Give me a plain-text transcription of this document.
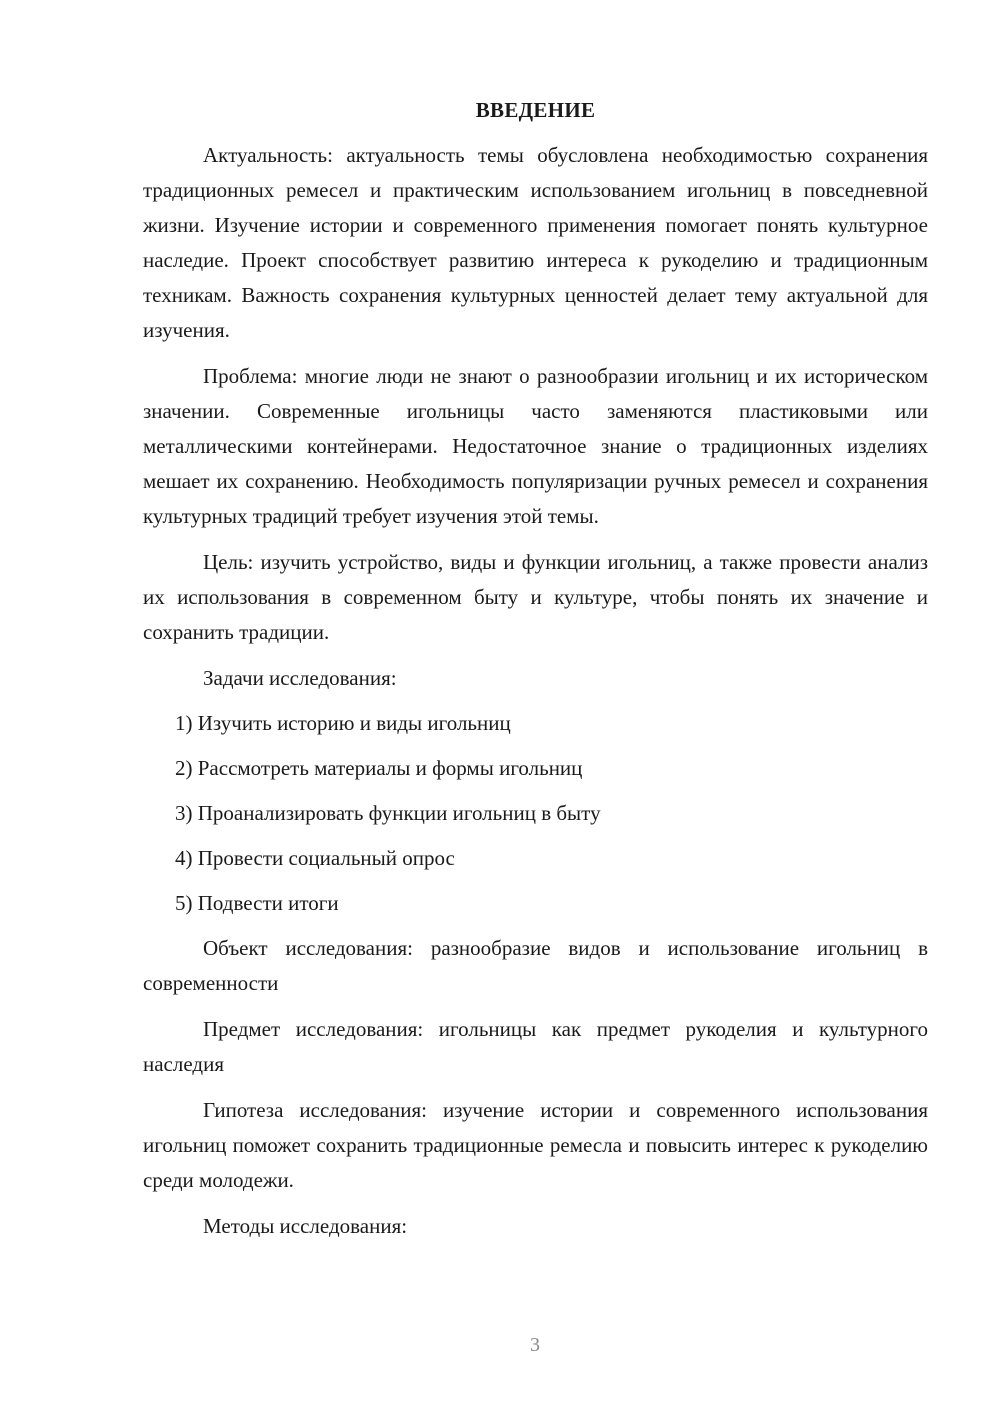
ВВЕДЕНИЕ

Актуальность: актуальность темы обусловлена необходимостью сохранения традиционных ремесел и практическим использованием игольниц в повседневной жизни. Изучение истории и современного применения помогает понять культурное наследие. Проект способствует развитию интереса к рукоделию и традиционным техникам. Важность сохранения культурных ценностей делает тему актуальной для изучения.

Проблема: многие люди не знают о разнообразии игольниц и их историческом значении. Современные игольницы часто заменяются пластиковыми или металлическими контейнерами. Недостаточное знание о традиционных изделиях мешает их сохранению. Необходимость популяризации ручных ремесел и сохранения культурных традиций требует изучения этой темы.

Цель: изучить устройство, виды и функции игольниц, а также провести анализ их использования в современном быту и культуре, чтобы понять их значение и сохранить традиции.

Задачи исследования:

1) Изучить историю и виды игольниц
2) Рассмотреть материалы и формы игольниц
3) Проанализировать функции игольниц в быту
4) Провести социальный опрос
5) Подвести итоги

Объект исследования: разнообразие видов и использование игольниц в современности

Предмет исследования: игольницы как предмет рукоделия и культурного наследия

Гипотеза исследования: изучение истории и современного использования игольниц поможет сохранить традиционные ремесла и повысить интерес к рукоделию среди молодежи.

Методы исследования:

3
